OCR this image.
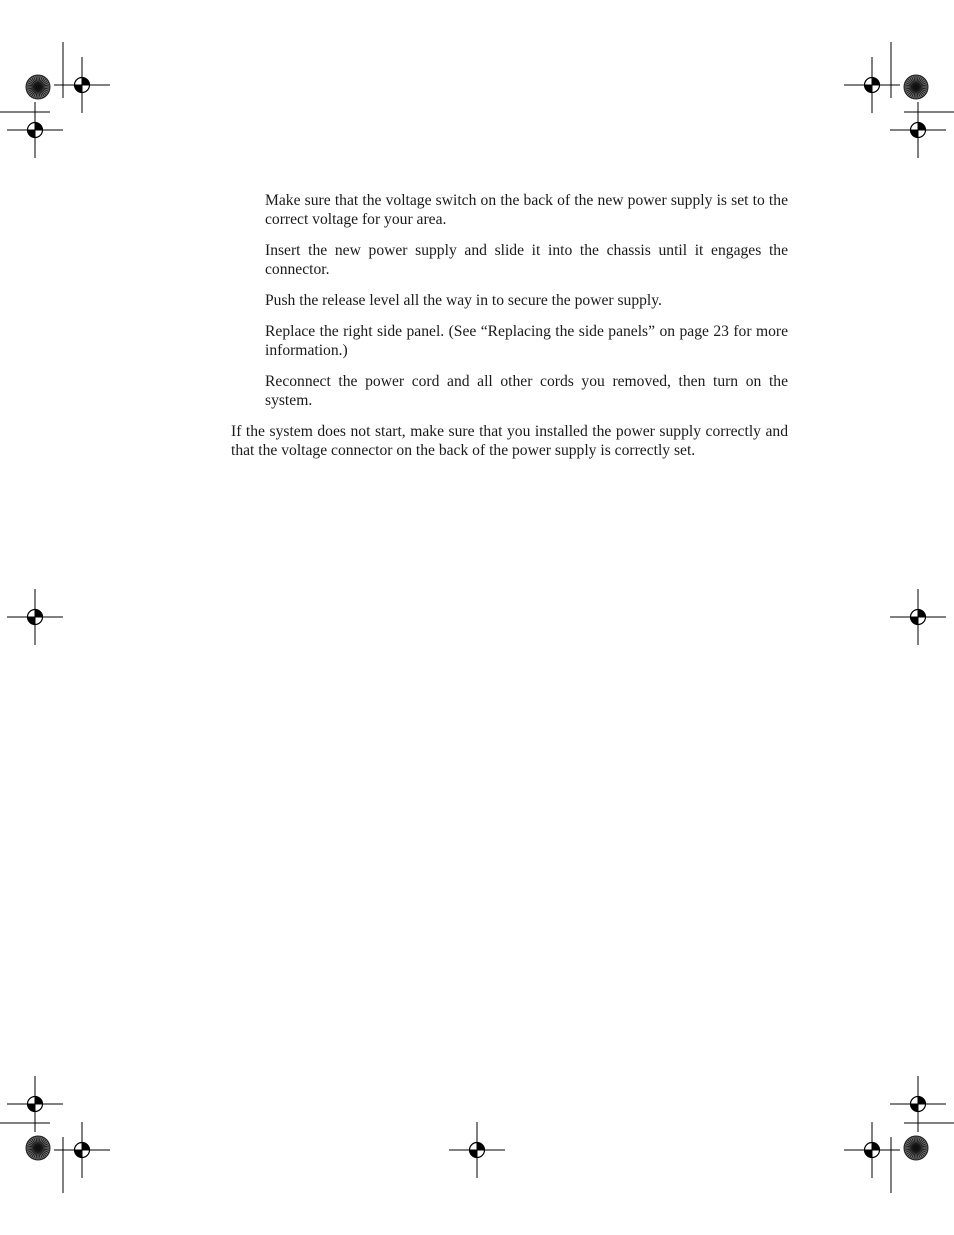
Make sure that the voltage switch on the back of the new power supply is set to the correct voltage for your area.

Insert the new power supply and slide it into the chassis until it engages the connector.

Push the release level all the way in to secure the power supply.

Replace the right side panel. (See “Replacing the side panels” on page 23 for more information.)

Reconnect the power cord and all other cords you removed, then turn on the system.

If the system does not start, make sure that you installed the power supply correctly and that the voltage connector on the back of the power supply is correctly set.
